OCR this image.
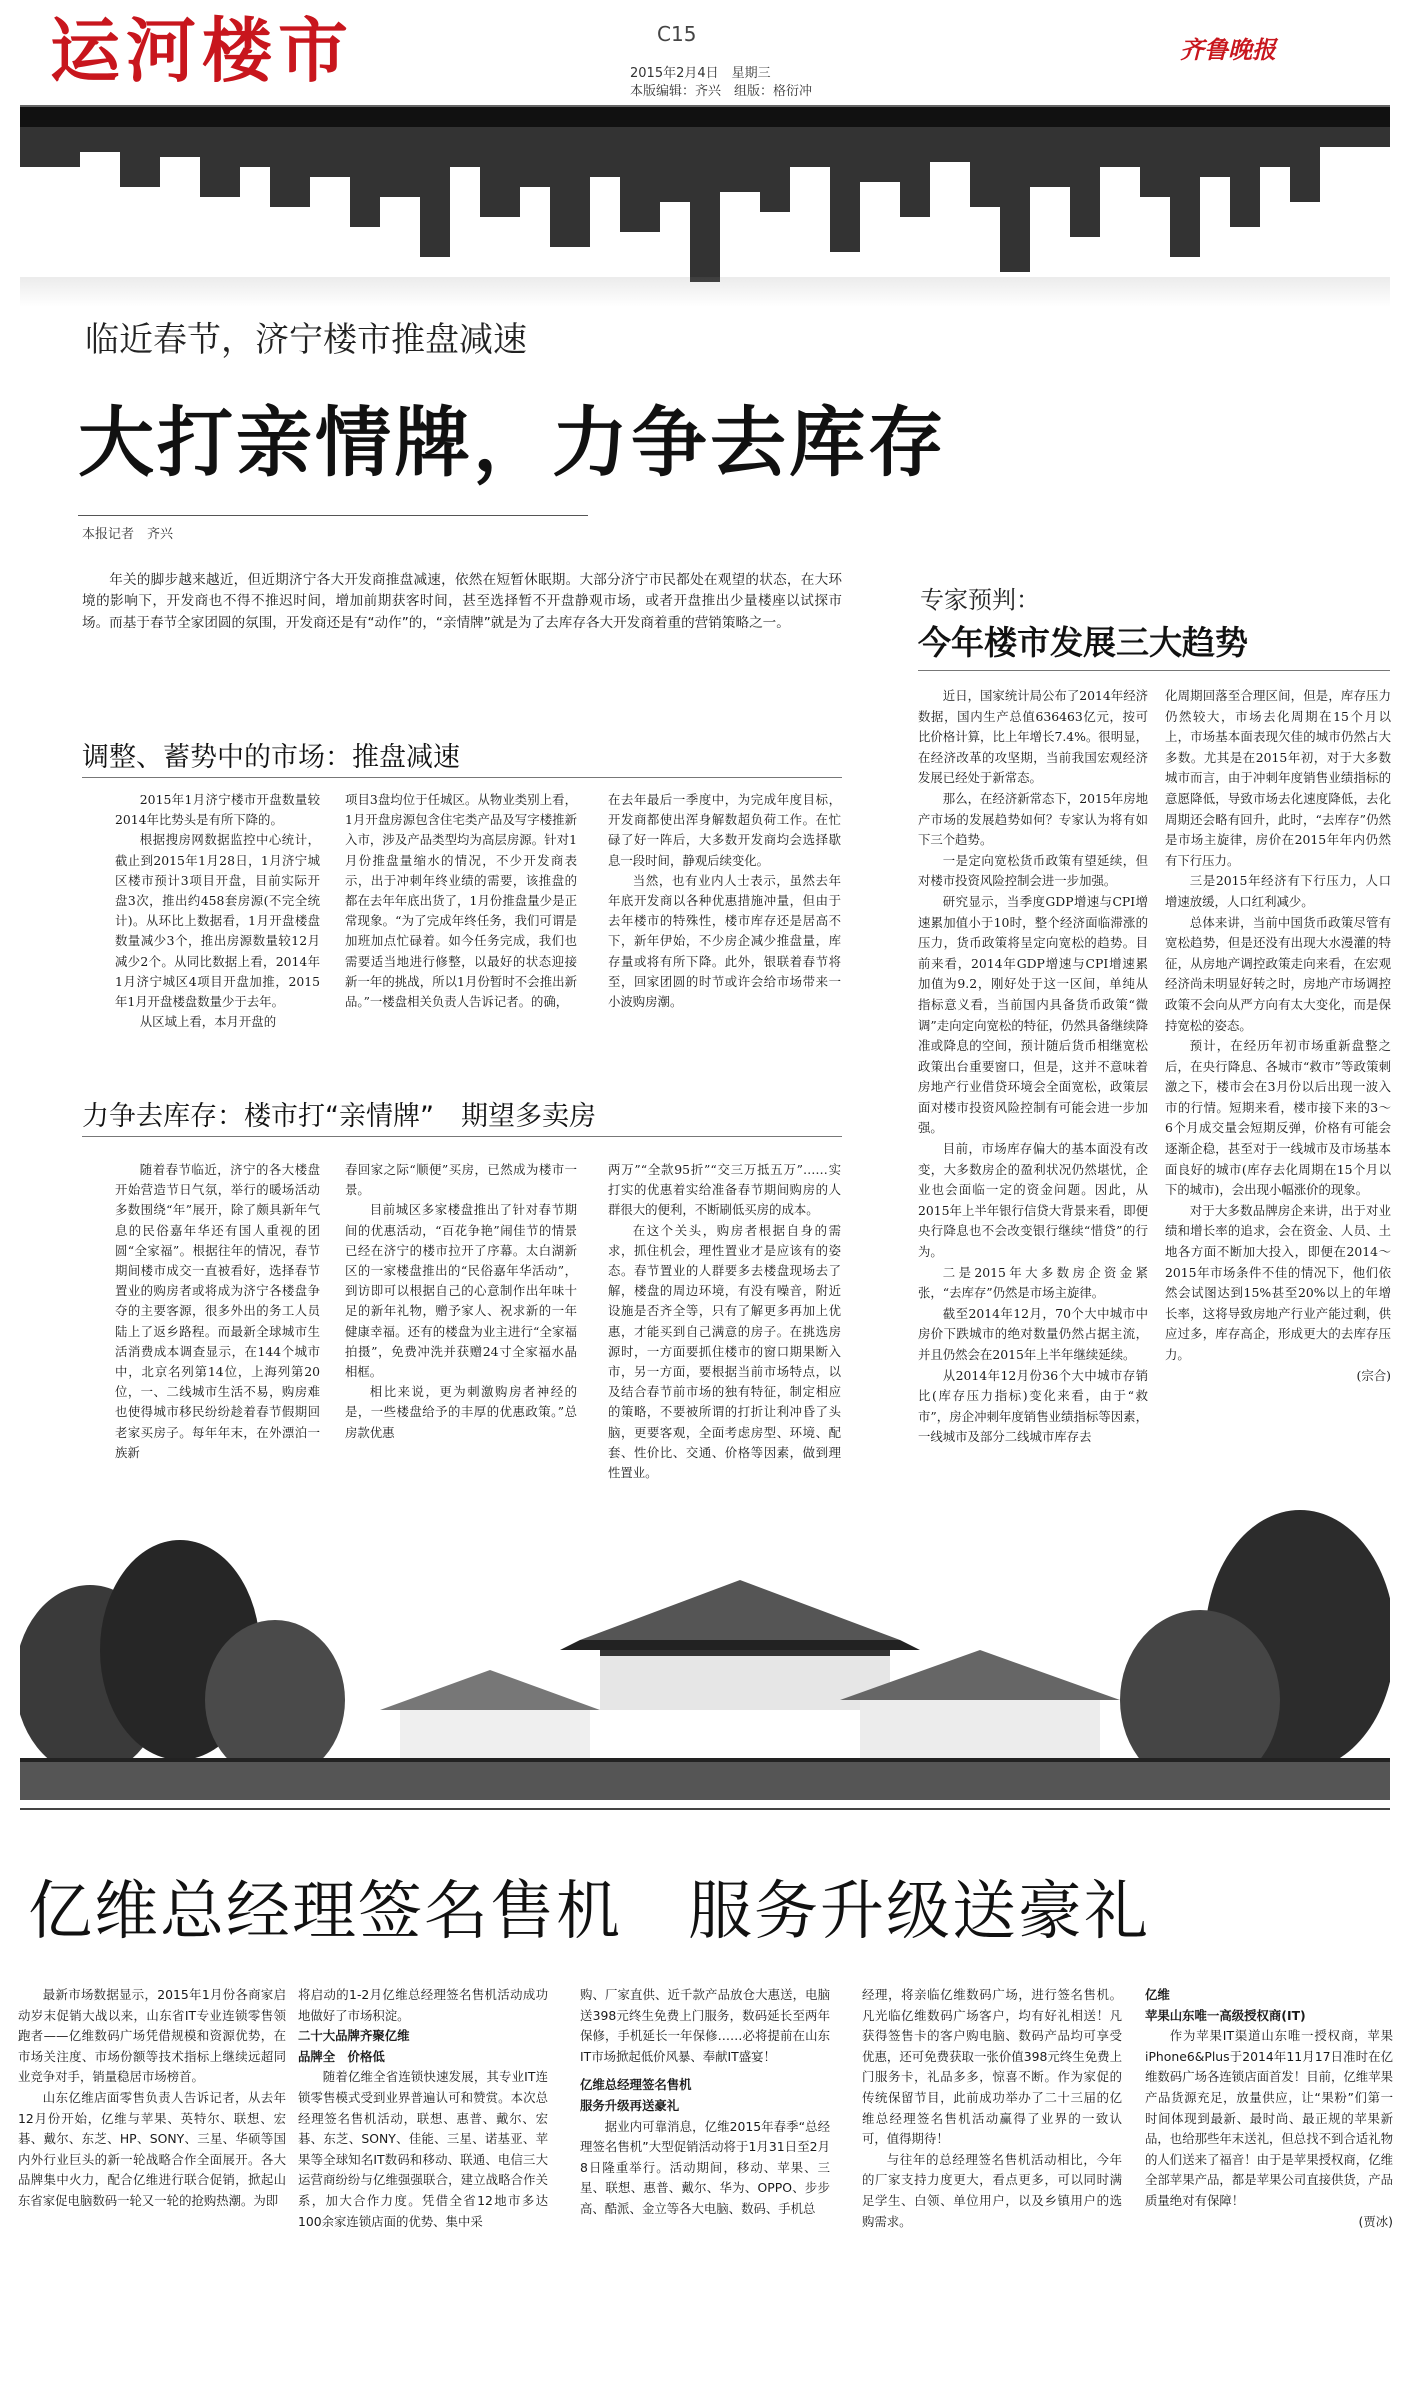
运河楼市	C15
2015年2月4日　星期三
本版编辑：齐兴　组版：格衍冲
齐鲁晚报
临近春节，济宁楼市推盘减速
大打亲情牌，力争去库存
本报记者　齐兴
年关的脚步越来越近，但近期济宁各大开发商推盘减速，依然在短暂休眠期。大部分济宁市民都处在观望的状态，在大环境的影响下，开发商也不得不推迟时间，增加前期获客时间，甚至选择暂不开盘静观市场，或者开盘推出少量楼座以试探市场。而基于春节全家团圆的氛围，开发商还是有“动作”的，“亲情牌”就是为了去库存各大开发商着重的营销策略之一。
调整、蓄势中的市场：推盘减速

2015年1月济宁楼市开盘数量较2014年比势头是有所下降的。

根据搜房网数据监控中心统计，截止到2015年1月28日，1月济宁城区楼市预计3项目开盘，目前实际开盘3次，推出约458套房源(不完全统计)。从环比上数据看，1月开盘楼盘数量减少3个，推出房源数量较12月减少2个。从同比数据上看，2014年1月济宁城区4项目开盘加推，2015年1月开盘楼盘数量少于去年。

从区域上看，本月开盘的

项目3盘均位于任城区。从物业类别上看，1月开盘房源包含住宅类产品及写字楼推新入市，涉及产品类型均为高层房源。针对1月份推盘量缩水的情况，不少开发商表示，出于冲刺年终业绩的需要，该推盘的都在去年年底出货了，1月份推盘量少是正常现象。“为了完成年终任务，我们可谓是加班加点忙碌着。如今任务完成，我们也需要适当地进行修整，以最好的状态迎接新一年的挑战，所以1月份暂时不会推出新品。”一楼盘相关负责人告诉记者。的确，

在去年最后一季度中，为完成年度目标，开发商都使出浑身解数超负荷工作。在忙碌了好一阵后，大多数开发商均会选择歇息一段时间，静观后续变化。

当然，也有业内人士表示，虽然去年年底开发商以各种优惠措施冲量，但由于去年楼市的特殊性，楼市库存还是居高不下，新年伊始，不少房企减少推盘量，库存量或将有所下降。此外，银联着春节将至，回家团圆的时节或许会给市场带来一小波购房潮。

力争去库存：楼市打“亲情牌”　期望多卖房

随着春节临近，济宁的各大楼盘开始营造节日气氛，举行的暖场活动多数围绕“年”展开，除了颇具新年气息的民俗嘉年华还有国人重视的团圆“全家福”。根据往年的情况，春节期间楼市成交一直被看好，选择春节置业的购房者或将成为济宁各楼盘争夺的主要客源，很多外出的务工人员陆上了返乡路程。而最新全球城市生活消费成本调查显示，在144个城市中，北京名列第14位，上海列第20位，一、二线城市生活不易，购房难也使得城市移民纷纷趁着春节假期回老家买房子。每年年末，在外漂泊一族新

春回家之际“顺便”买房，已然成为楼市一景。

目前城区多家楼盘推出了针对春节期间的优惠活动，“百花争艳”闹佳节的情景已经在济宁的楼市拉开了序幕。太白湖新区的一家楼盘推出的“民俗嘉年华活动”，到访即可以根据自己的心意制作出年味十足的新年礼物，赠予家人、祝求新的一年健康幸福。还有的楼盘为业主进行“全家福拍摄”，免费冲洗并获赠24寸全家福水晶相框。

相比来说，更为刺激购房者神经的是，一些楼盘给予的丰厚的优惠政策。”总房款优惠

两万”“全款95折”“交三万抵五万”……实打实的优惠着实给准备春节期间购房的人群很大的便利，不断刷低买房的成本。

在这个关头，购房者根据自身的需求，抓住机会，理性置业才是应该有的姿态。春节置业的人群要多去楼盘现场去了解，楼盘的周边环境，有没有噪音，附近设施是否齐全等，只有了解更多再加上优惠，才能买到自己满意的房子。在挑选房源时，一方面要抓住楼市的窗口期果断入市，另一方面，要根据当前市场特点，以及结合春节前市场的独有特征，制定相应的策略，不要被所谓的打折让利冲昏了头脑，更要客观，全面考虑房型、环境、配套、性价比、交通、价格等因素，做到理性置业。

专家预判：
今年楼市发展三大趋势

近日，国家统计局公布了2014年经济数据，国内生产总值636463亿元，按可比价格计算，比上年增长7.4%。很明显，在经济改革的攻坚期，当前我国宏观经济发展已经处于新常态。

那么，在经济新常态下，2015年房地产市场的发展趋势如何？专家认为将有如下三个趋势。

一是定向宽松货币政策有望延续，但对楼市投资风险控制会进一步加强。

研究显示，当季度GDP增速与CPI增速累加值小于10时，整个经济面临滞涨的压力，货币政策将呈定向宽松的趋势。目前来看，2014年GDP增速与CPI增速累加值为9.2，刚好处于这一区间，单纯从指标意义看，当前国内具备货币政策“微调”走向定向宽松的特征，仍然具备继续降准或降息的空间，预计随后货币相继宽松政策出台重要窗口，但是，这并不意味着房地产行业借贷环境会全面宽松，政策层面对楼市投资风险控制有可能会进一步加强。

目前，市场库存偏大的基本面没有改变，大多数房企的盈利状况仍然堪忧，企业也会面临一定的资金问题。因此，从2015年上半年银行信贷大背景来看，即便央行降息也不会改变银行继续“惜贷”的行为。

二是2015年大多数房企资金紧张，“去库存”仍然是市场主旋律。

截至2014年12月，70个大中城市中房价下跌城市的绝对数量仍然占据主流，并且仍然会在2015年上半年继续延续。

从2014年12月份36个大中城市存销比(库存压力指标)变化来看，由于“救市”，房企冲刺年度销售业绩指标等因素，一线城市及部分二线城市库存去

化周期回落至合理区间，但是，库存压力仍然较大，市场去化周期在15个月以上，市场基本面表现欠佳的城市仍然占大多数。尤其是在2015年初，对于大多数城市而言，由于冲刺年度销售业绩指标的意愿降低，导致市场去化速度降低，去化周期还会略有回升，此时，“去库存”仍然是市场主旋律，房价在2015年年内仍然有下行压力。

三是2015年经济有下行压力，人口增速放缓，人口红利减少。

总体来讲，当前中国货币政策尽管有宽松趋势，但是还没有出现大水漫灌的特征，从房地产调控政策走向来看，在宏观经济尚未明显好转之时，房地产市场调控政策不会向从严方向有太大变化，而是保持宽松的姿态。

预计，在经历年初市场重新盘整之后，在央行降息、各城市“救市”等政策刺激之下，楼市会在3月份以后出现一波入市的行情。短期来看，楼市接下来的3～6个月成交量会短期反弹，价格有可能会逐渐企稳，甚至对于一线城市及市场基本面良好的城市(库存去化周期在15个月以下的城市)，会出现小幅涨价的现象。

对于大多数品牌房企来讲，出于对业绩和增长率的追求，会在资金、人员、土地各方面不断加大投入，即便在2014～2015年市场条件不佳的情况下，他们依然会试图达到15%甚至20%以上的年增长率，这将导致房地产行业产能过剩，供应过多，库存高企，形成更大的去库存压力。

(宗合)

亿维总经理签名售机　服务升级送豪礼

最新市场数据显示，2015年1月份各商家启动岁末促销大战以来，山东省IT专业连锁零售领跑者——亿维数码广场凭借规模和资源优势，在市场关注度、市场份额等技术指标上继续远超同业竞争对手，销量稳居市场榜首。

山东亿维店面零售负责人告诉记者，从去年12月份开始，亿维与苹果、英特尔、联想、宏碁、戴尔、东芝、HP、SONY、三星、华硕等国内外行业巨头的新一轮战略合作全面展开。各大品牌集中火力，配合亿维进行联合促销，掀起山东省家促电脑数码一轮又一轮的抢购热潮。为即

将启动的1-2月亿维总经理签名售机活动成功地做好了市场积淀。

二十大品牌齐聚亿维

品牌全　价格低

随着亿维全省连锁快速发展，其专业IT连锁零售模式受到业界普遍认可和赞赏。本次总经理签名售机活动，联想、惠普、戴尔、宏碁、东芝、SONY、佳能、三星、诺基亚、苹果等全球知名IT数码和移动、联通、电信三大运营商纷纷与亿维强强联合，建立战略合作关系，加大合作力度。凭借全省12地市多达100余家连锁店面的优势、集中采

购、厂家直供、近千款产品放仓大惠送，电脑送398元终生免费上门服务，数码延长至两年保修，手机延长一年保修……必将提前在山东IT市场掀起低价风暴、奉献IT盛宴！

亿维总经理签名售机

服务升级再送豪礼

据业内可靠消息，亿维2015年春季“总经理签名售机”大型促销活动将于1月31日至2月8日隆重举行。活动期间，移动、苹果、三星、联想、惠普、戴尔、华为、OPPO、步步高、酷派、金立等各大电脑、数码、手机总

经理，将亲临亿维数码广场，进行签名售机。凡光临亿维数码广场客户，均有好礼相送！凡获得签售卡的客户购电脑、数码产品均可享受优惠，还可免费获取一张价值398元终生免费上门服务卡，礼品多多，惊喜不断。作为家促的传统保留节目，此前成功举办了二十三届的亿维总经理签名售机活动赢得了业界的一致认可，值得期待！

与往年的总经理签名售机活动相比，今年的厂家支持力度更大，看点更多，可以同时满足学生、白领、单位用户，以及乡镇用户的选购需求。

亿维

苹果山东唯一高级授权商(IT)

作为苹果IT渠道山东唯一授权商，苹果iPhone6&Plus于2014年11月17日准时在亿维数码广场各连锁店面首发！目前，亿维苹果产品货源充足，放量供应，让“果粉”们第一时间体现到最新、最时尚、最正规的苹果新品，也给那些年末送礼，但总找不到合适礼物的人们送来了福音！由于是苹果授权商，亿维全部苹果产品，都是苹果公司直接供货，产品质量绝对有保障！

(贾冰)
